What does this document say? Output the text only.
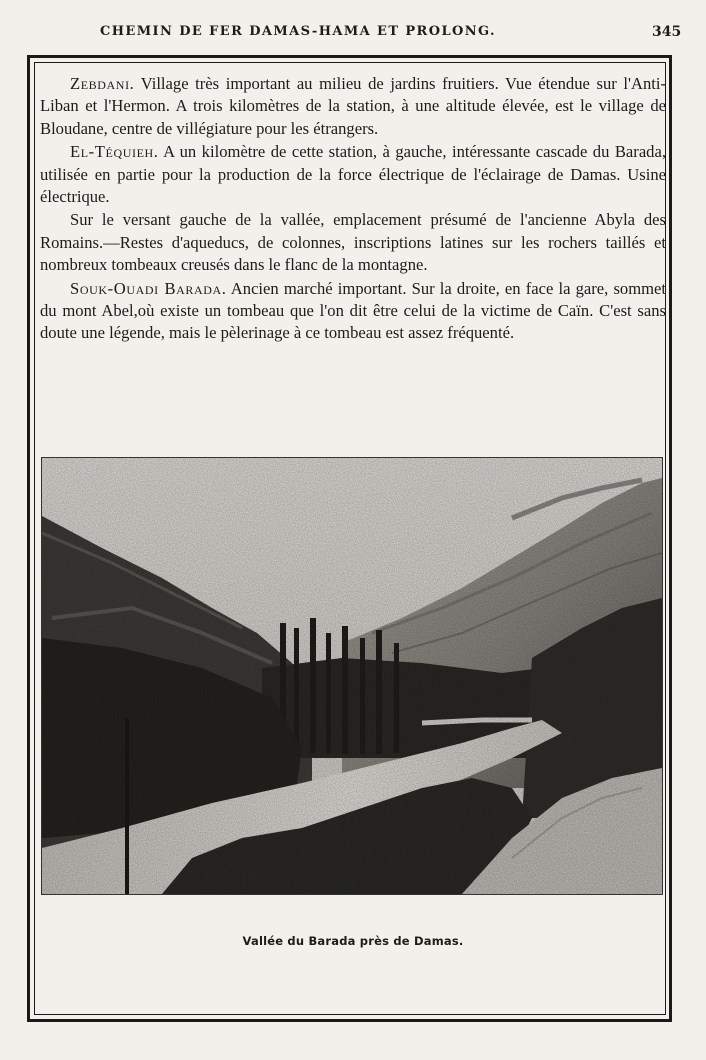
CHEMIN DE FER DAMAS-HAMA ET PROLONG.	345

Zebdani. Village très important au milieu de jardins fruitiers. Vue étendue sur l'Anti-Liban et l'Hermon. A trois kilomètres de la station, à une altitude élevée, est le village de Bloudane, centre de villégiature pour les étrangers.

El-Téquieh. A un kilomètre de cette station, à gauche, intéressante cascade du Barada, utilisée en partie pour la production de la force électrique de l'éclairage de Damas. Usine électrique.

Sur le versant gauche de la vallée, emplacement présumé de l'ancienne Abyla des Romains.—Restes d'aqueducs, de colonnes, inscriptions latines sur les rochers taillés et nombreux tombeaux creusés dans le flanc de la montagne.

Souk-Ouadi Barada. Ancien marché important. Sur la droite, en face la gare, sommet du mont Abel,où existe un tombeau que l'on dit être celui de la victime de Caïn. C'est sans doute une légende, mais le pèlerinage à ce tombeau est assez fréquenté.

Vallée du Barada près de Damas.
